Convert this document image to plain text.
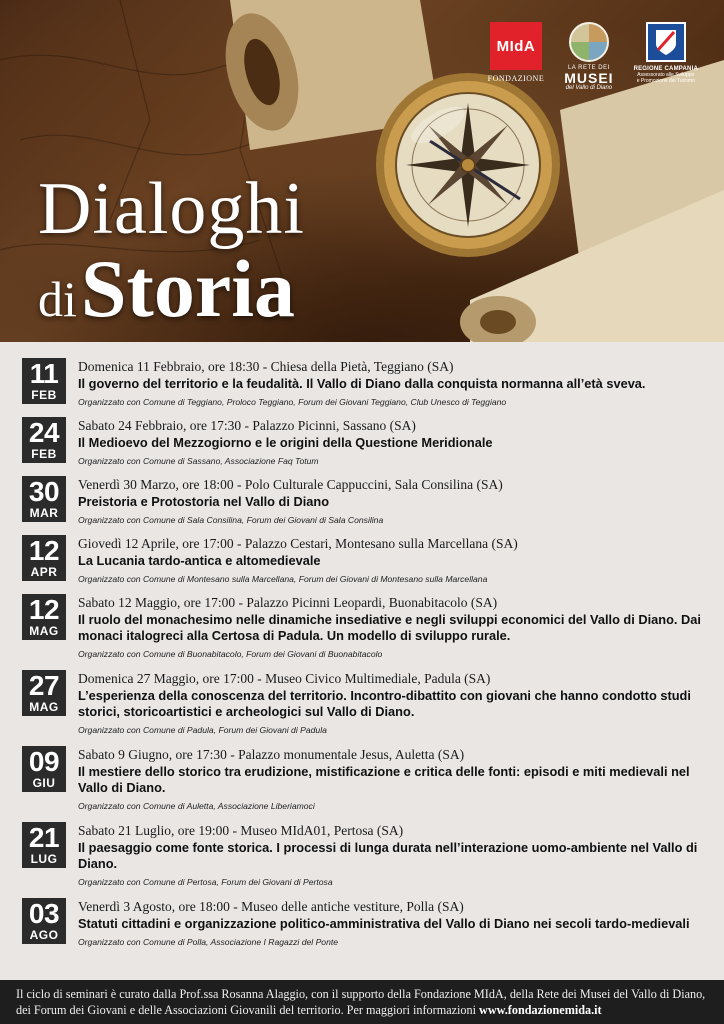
MIdA
FONDAZIONE
LA RETE DEI
MUSEI
del Vallo di Diano
REGIONE CAMPANIA
Assessorato alle Sviluppo e Promozione del Turismo
Dialoghi
diStoria
11
FEB
Domenica 11 Febbraio, ore 18:30 - Chiesa della Pietà, Teggiano (SA)
Il governo del territorio e la feudalità. Il Vallo di Diano dalla conquista normanna all’età sveva.
Organizzato con Comune di Teggiano, Proloco Teggiano, Forum dei Giovani Teggiano, Club Unesco di Teggiano
24
FEB
Sabato 24 Febbraio, ore 17:30 - Palazzo Picinni, Sassano (SA)
Il Medioevo del Mezzogiorno e le origini della Questione Meridionale
Organizzato con Comune di Sassano, Associazione Faq Totum
30
MAR
Venerdì 30 Marzo, ore 18:00 - Polo Culturale Cappuccini, Sala Consilina (SA)
Preistoria e Protostoria nel Vallo di Diano
Organizzato con Comune di Sala Consilina, Forum dei Giovani di Sala Consilina
12
APR
Giovedì 12 Aprile, ore 17:00 - Palazzo Cestari, Montesano sulla Marcellana (SA)
La Lucania tardo-antica e altomedievale
Organizzato con Comune di Montesano sulla Marcellana, Forum dei Giovani di Montesano sulla Marcellana
12
MAG
Sabato 12 Maggio, ore 17:00 - Palazzo Picinni Leopardi, Buonabitacolo (SA)
Il ruolo del monachesimo nelle dinamiche insediative e negli sviluppi economici del Vallo di Diano. Dai monaci italogreci alla Certosa di Padula. Un modello di sviluppo rurale.
Organizzato con Comune di Buonabitacolo, Forum dei Giovani di Buonabitacolo
27
MAG
Domenica 27 Maggio, ore 17:00 - Museo Civico Multimediale, Padula (SA)
L’esperienza della conoscenza del territorio. Incontro-dibattito con giovani che hanno condotto studi storici, storicoartistici e archeologici sul Vallo di Diano.
Organizzato con Comune di Padula, Forum dei Giovani di Padula
09
GIU
Sabato 9 Giugno, ore 17:30 - Palazzo monumentale Jesus, Auletta (SA)
Il mestiere dello storico tra erudizione, mistificazione e critica delle fonti: episodi e miti medievali nel Vallo di Diano.
Organizzato con Comune di Auletta, Associazione Liberiamoci
21
LUG
Sabato 21 Luglio, ore 19:00 - Museo MIdA01, Pertosa (SA)
Il paesaggio come fonte storica. I processi di lunga durata nell’interazione uomo-ambiente nel Vallo di Diano.
Organizzato con Comune di Pertosa, Forum dei Giovani di Pertosa
03
AGO
Venerdì 3 Agosto, ore 18:00 - Museo delle antiche vestiture, Polla (SA)
Statuti cittadini e organizzazione politico-amministrativa del Vallo di Diano nei secoli tardo-medievali
Organizzato con Comune di Polla, Associazione I Ragazzi del Ponte

Il ciclo di seminari è curato dalla Prof.ssa Rosanna Alaggio, con il supporto della Fondazione MIdA, della Rete dei Musei del Vallo di Diano, dei Forum dei Giovani e delle Associazioni Giovanili del territorio. Per maggiori informazioni www.fondazionemida.it
